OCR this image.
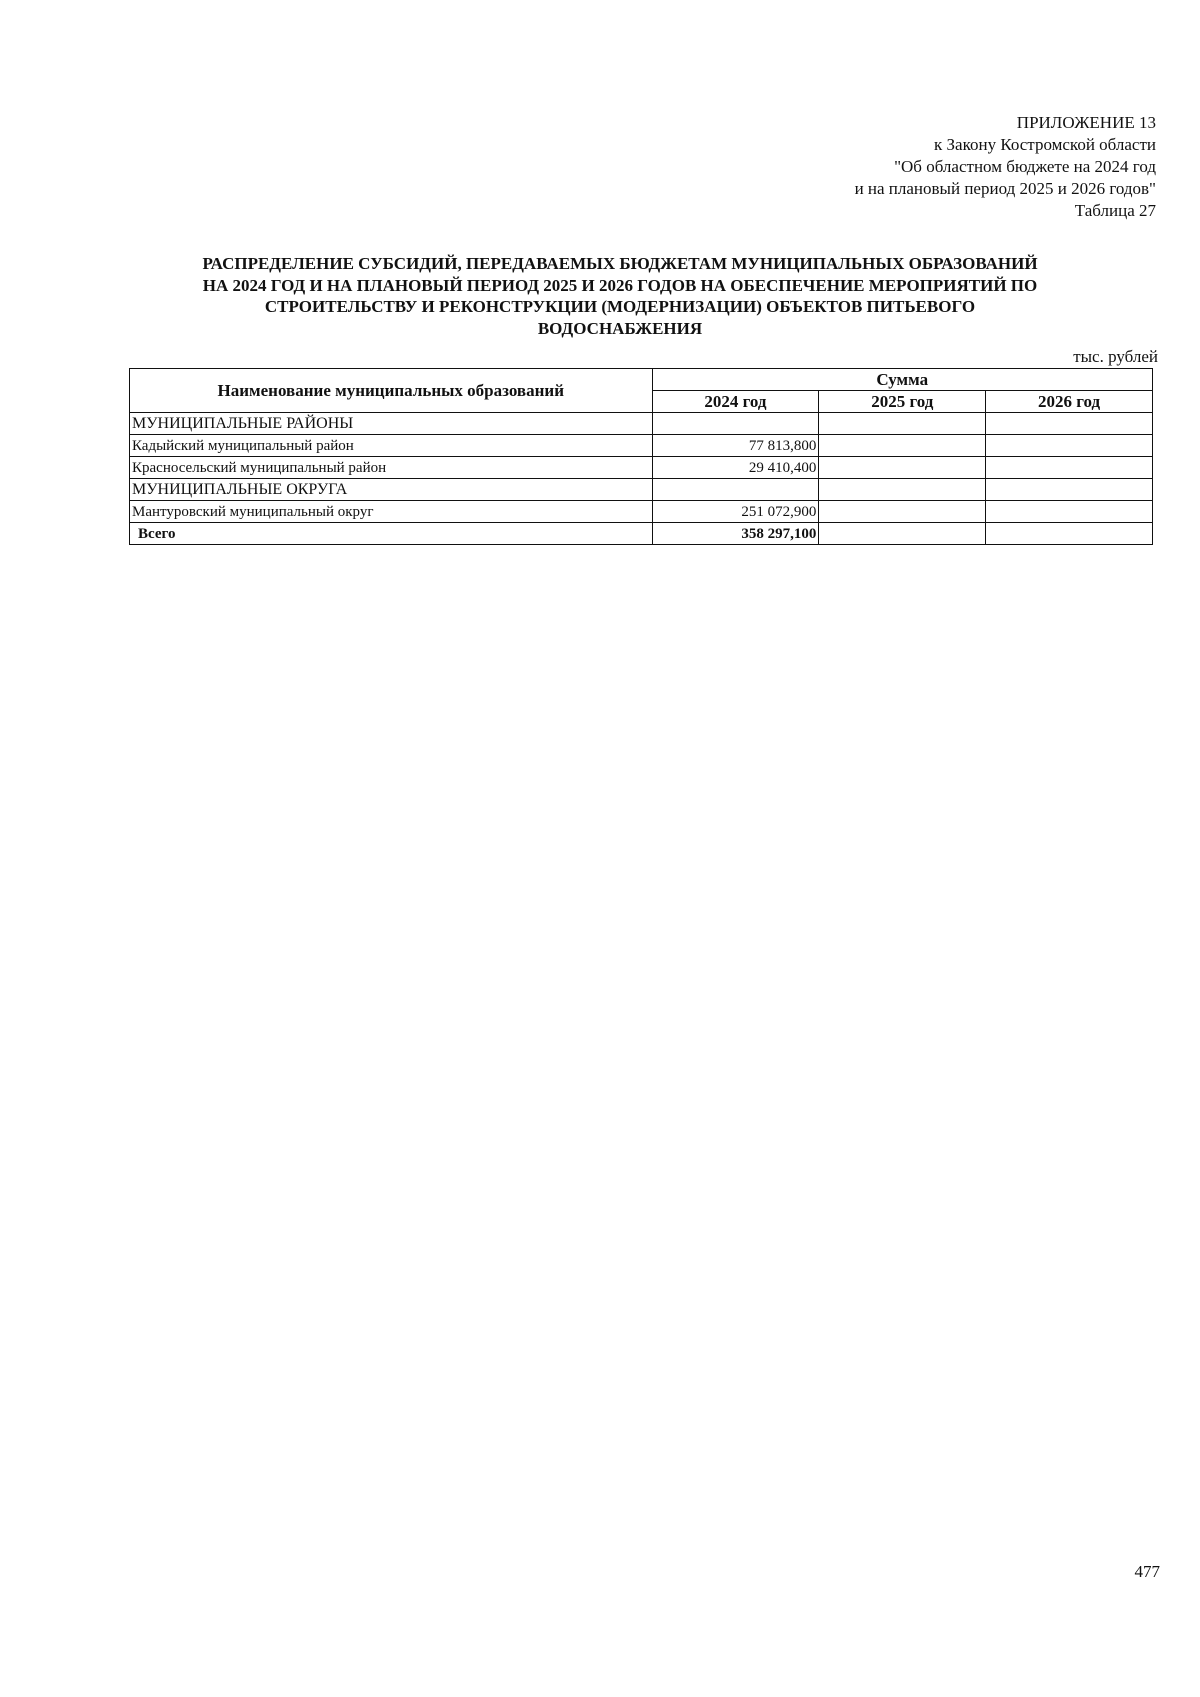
ПРИЛОЖЕНИЕ 13
к Закону Костромской области
"Об областном бюджете на 2024 год
и на плановый период 2025 и 2026 годов"
Таблица 27
РАСПРЕДЕЛЕНИЕ СУБСИДИЙ, ПЕРЕДАВАЕМЫХ БЮДЖЕТАМ МУНИЦИПАЛЬНЫХ ОБРАЗОВАНИЙ
НА 2024 ГОД И НА ПЛАНОВЫЙ ПЕРИОД 2025 И 2026 ГОДОВ НА ОБЕСПЕЧЕНИЕ МЕРОПРИЯТИЙ ПО
СТРОИТЕЛЬСТВУ И РЕКОНСТРУКЦИИ (МОДЕРНИЗАЦИИ) ОБЪЕКТОВ ПИТЬЕВОГО
ВОДОСНАБЖЕНИЯ
тыс. рублей
Наименование муниципальных образований	Сумма		
	2024 год	2025 год	2026 год
МУНИЦИПАЛЬНЫЕ РАЙОНЫ			
Кадыйский муниципальный район	77 813,800		
Красносельский муниципальный район	29 410,400		
МУНИЦИПАЛЬНЫЕ ОКРУГА			
Мантуровский муниципальный округ	251 072,900		
Всего	358 297,100		
477
